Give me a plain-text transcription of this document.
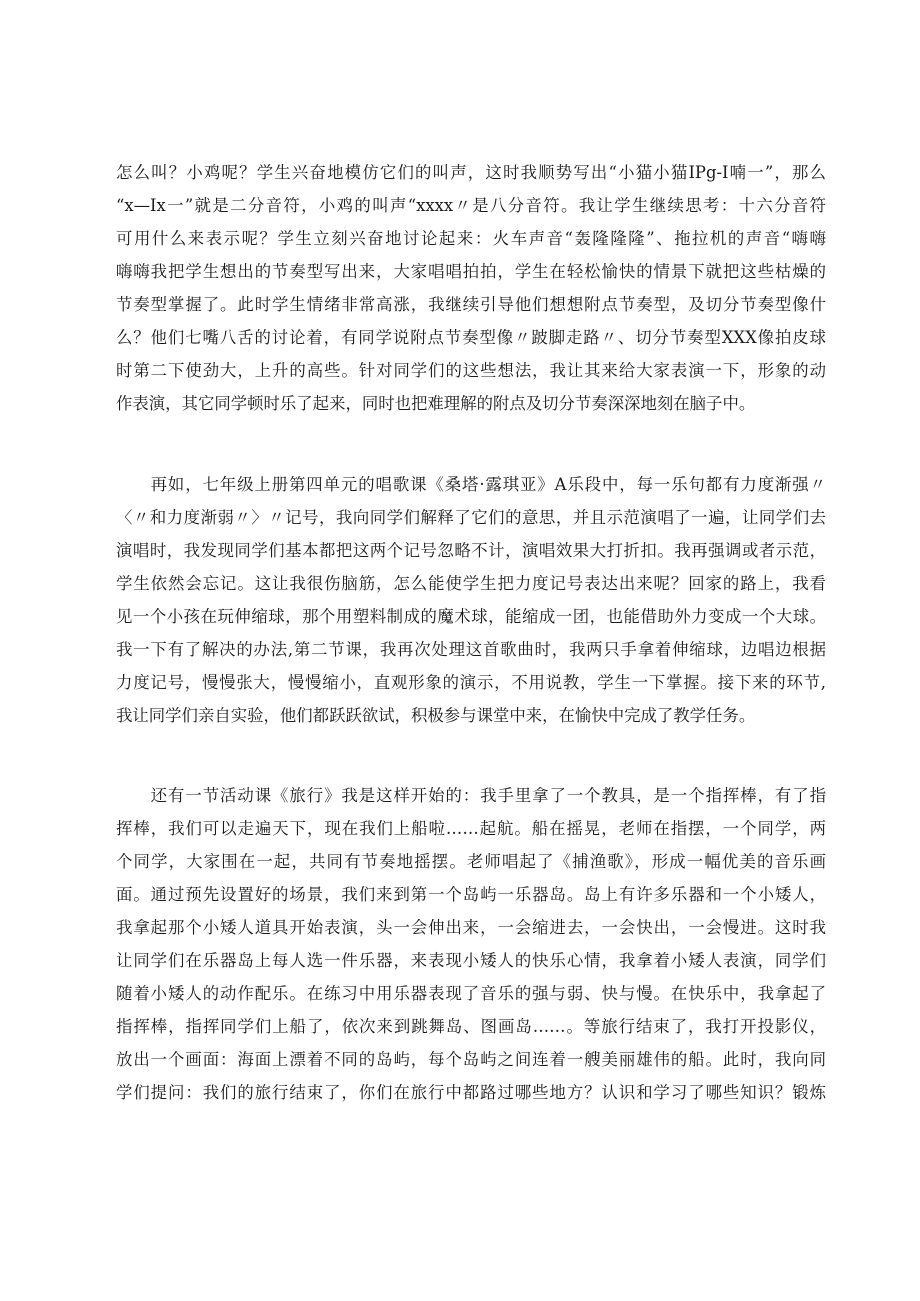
怎么叫？小鸡呢？学生兴奋地模仿它们的叫声，这时我顺势写出“小猫小猫IPg-I喃一”，那么
“x—Ix一”就是二分音符，小鸡的叫声“xxxx〃是八分音符。我让学生继续思考：十六分音符
可用什么来表示呢？学生立刻兴奋地讨论起来：火车声音“轰隆隆隆”、拖拉机的声音“嗨嗨
嗨嗨我把学生想出的节奏型写出来，大家唱唱拍拍，学生在轻松愉快的情景下就把这些枯燥的
节奏型掌握了。此时学生情绪非常高涨，我继续引导他们想想附点节奏型，及切分节奏型像什
么？他们七嘴八舌的讨论着，有同学说附点节奏型像〃跛脚走路〃、切分节奏型XXX像拍皮球
时第二下使劲大，上升的高些。针对同学们的这些想法，我让其来给大家表演一下，形象的动
作表演，其它同学顿时乐了起来，同时也把难理解的附点及切分节奏深深地刻在脑子中。
　　再如，七年级上册第四单元的唱歌课《桑塔·露琪亚》A乐段中，每一乐句都有力度渐强〃
〈〃和力度渐弱〃〉〃记号，我向同学们解释了它们的意思，并且示范演唱了一遍，让同学们去
演唱时，我发现同学们基本都把这两个记号忽略不计，演唱效果大打折扣。我再强调或者示范，
学生依然会忘记。这让我很伤脑筋，怎么能使学生把力度记号表达出来呢？回家的路上，我看
见一个小孩在玩伸缩球，那个用塑料制成的魔术球，能缩成一团，也能借助外力变成一个大球。
我一下有了解决的办法,第二节课，我再次处理这首歌曲时，我两只手拿着伸缩球，边唱边根据
力度记号，慢慢张大，慢慢缩小，直观形象的演示，不用说教，学生一下掌握。接下来的环节,
我让同学们亲自实验，他们都跃跃欲试，积极参与课堂中来，在愉快中完成了教学任务。
　　还有一节活动课《旅行》我是这样开始的：我手里拿了一个教具，是一个指挥棒，有了指
挥棒，我们可以走遍天下，现在我们上船啦……起航。船在摇晃，老师在指摆，一个同学，两
个同学，大家围在一起，共同有节奏地摇摆。老师唱起了《捕渔歌》，形成一幅优美的音乐画
面。通过预先设置好的场景，我们来到第一个岛屿一乐器岛。岛上有许多乐器和一个小矮人，
我拿起那个小矮人道具开始表演，头一会伸出来，一会缩进去，一会快出，一会慢进。这时我
让同学们在乐器岛上每人选一件乐器，来表现小矮人的快乐心情，我拿着小矮人表演，同学们
随着小矮人的动作配乐。在练习中用乐器表现了音乐的强与弱、快与慢。在快乐中，我拿起了
指挥棒，指挥同学们上船了，依次来到跳舞岛、图画岛……。等旅行结束了，我打开投影仪，
放出一个画面：海面上漂着不同的岛屿，每个岛屿之间连着一艘美丽雄伟的船。此时，我向同
学们提问：我们的旅行结束了，你们在旅行中都路过哪些地方？认识和学习了哪些知识？锻炼
